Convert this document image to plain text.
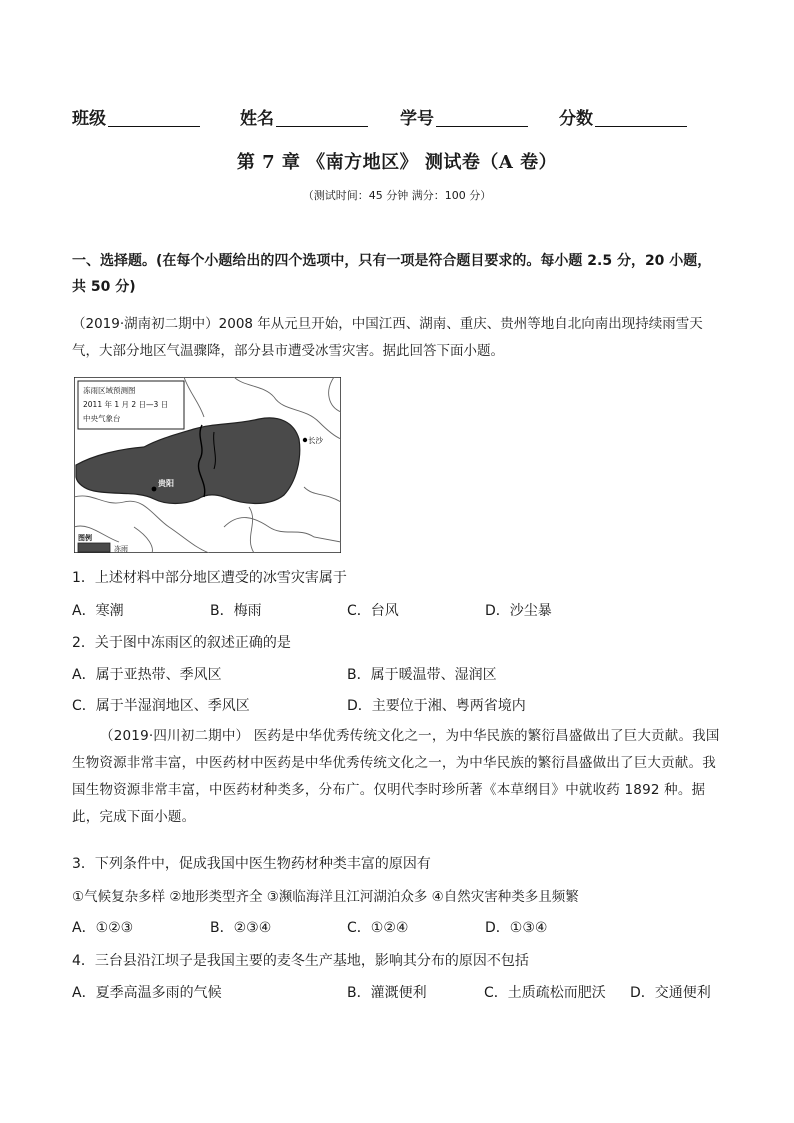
班级	姓名	学号	分数
第 7 章 《南方地区》 测试卷（A 卷）
（测试时间：45 分钟 满分：100 分）
一、选择题。(在每个小题给出的四个选项中，只有一项是符合题目要求的。每小题 2.5 分，20 小题，共 50 分)
（2019·湖南初二期中）2008 年从元旦开始，中国江西、湖南、重庆、贵州等地自北向南出现持续雨雪天气，大部分地区气温骤降，部分县市遭受冰雪灾害。据此回答下面小题。
冻雨区域预测图
2011 年 1 月 2 日—3 日
中央气象台
长沙
贵阳
图例
冻雨
1．上述材料中部分地区遭受的冰雪灾害属于
A．寒潮	B．梅雨	C．台风	D．沙尘暴
2．关于图中冻雨区的叙述正确的是
A．属于亚热带、季风区	B．属于暖温带、湿润区
C．属于半湿润地区、季风区	D．主要位于湘、粤两省境内
（2019·四川初二期中） 医药是中华优秀传统文化之一，为中华民族的繁衍昌盛做出了巨大贡献。我国生物资源非常丰富，中医药材中医药是中华优秀传统文化之一，为中华民族的繁衍昌盛做出了巨大贡献。我国生物资源非常丰富，中医药材种类多，分布广。仅明代李时珍所著《本草纲目》中就收药 1892 种。据此，完成下面小题。
3．下列条件中，促成我国中医生物药材种类丰富的原因有
①气候复杂多样 ②地形类型齐全 ③濒临海洋且江河湖泊众多 ④自然灾害种类多且频繁
A．①②③	B．②③④	C．①②④	D．①③④
4．三台县沿江坝子是我国主要的麦冬生产基地，影响其分布的原因不包括
A．夏季高温多雨的气候	B．灌溉便利	C．土质疏松而肥沃 D．交通便利
